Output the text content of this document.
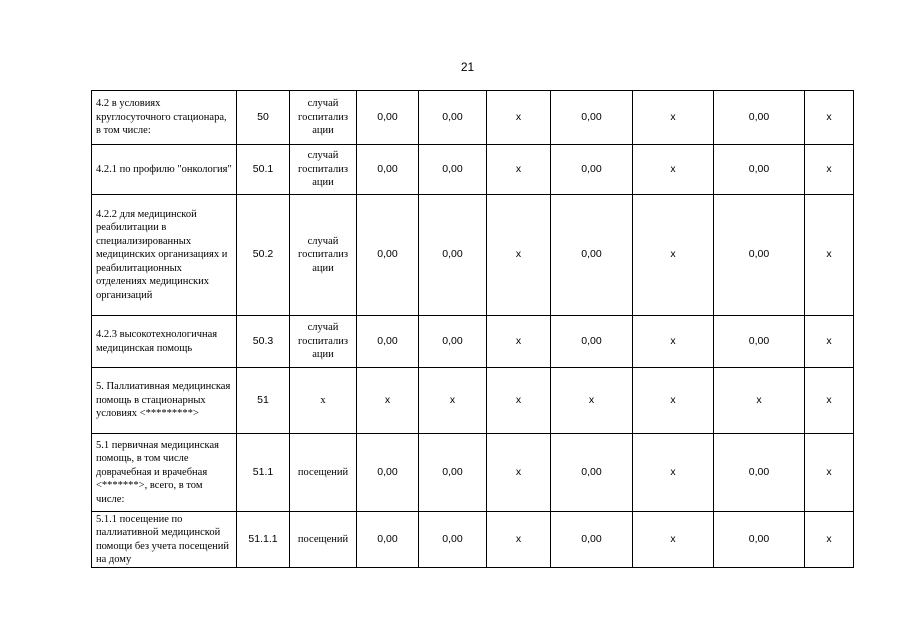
21
4.2 в условиях круглосуточного стационара, в том числе:	50	случай госпитализ ации	0,00	0,00	х	0,00	х	0,00	х
4.2.1 по профилю "онкология"	50.1	случай госпитализ ации	0,00	0,00	х	0,00	х	0,00	х
4.2.2 для медицинской реабилитации в специализированных медицинских организациях и реабилитационных отделениях медицинских организаций	50.2	случай госпитализ ации	0,00	0,00	х	0,00	х	0,00	х
4.2.3 высокотехнологичная медицинская помощь	50.3	случай госпитализ ации	0,00	0,00	х	0,00	х	0,00	х
5. Паллиативная медицинская помощь в стационарных условиях <*********>	51	х	х	х	х	х	х	х	х
5.1 первичная медицинская помощь, в том числе доврачебная и врачебная <*******>, всего, в том числе:	51.1	посещений	0,00	0,00	х	0,00	х	0,00	х
5.1.1 посещение по паллиативной медицинской помощи без учета посещений на дому	51.1.1	посещений	0,00	0,00	х	0,00	х	0,00	х
